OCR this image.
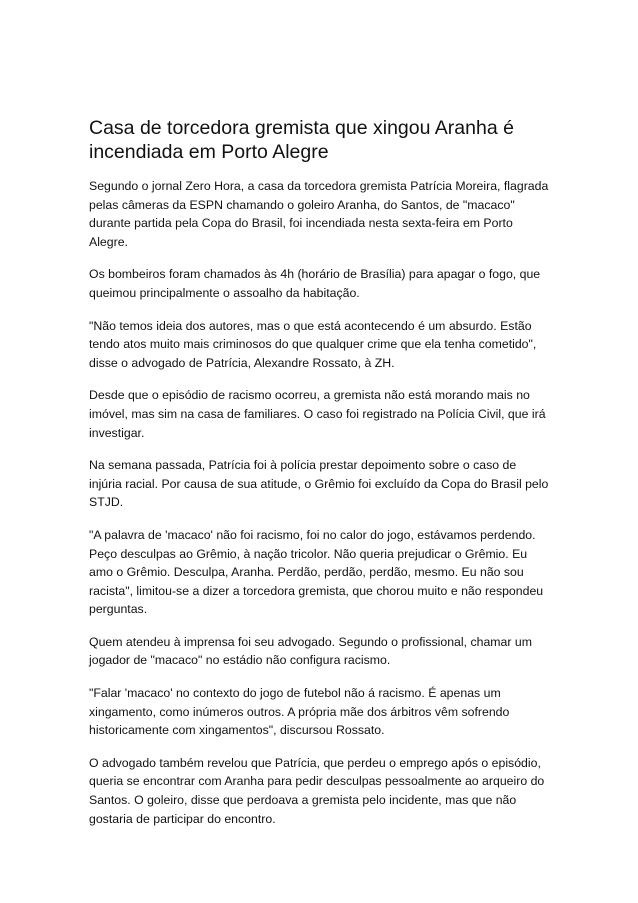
Casa de torcedora gremista que xingou Aranha é incendiada em Porto Alegre

Segundo o jornal Zero Hora, a casa da torcedora gremista Patrícia Moreira, flagrada pelas câmeras da ESPN chamando o goleiro Aranha, do Santos, de "macaco" durante partida pela Copa do Brasil, foi incendiada nesta sexta-feira em Porto Alegre.

Os bombeiros foram chamados às 4h (horário de Brasília) para apagar o fogo, que queimou principalmente o assoalho da habitação.

"Não temos ideia dos autores, mas o que está acontecendo é um absurdo. Estão tendo atos muito mais criminosos do que qualquer crime que ela tenha cometido", disse o advogado de Patrícia, Alexandre Rossato, à ZH.

Desde que o episódio de racismo ocorreu, a gremista não está morando mais no imóvel, mas sim na casa de familiares. O caso foi registrado na Polícia Civil, que irá investigar.

Na semana passada, Patrícia foi à polícia prestar depoimento sobre o caso de injúria racial. Por causa de sua atitude, o Grêmio foi excluído da Copa do Brasil pelo STJD.

"A palavra de 'macaco' não foi racismo, foi no calor do jogo, estávamos perdendo. Peço desculpas ao Grêmio, à nação tricolor. Não queria prejudicar o Grêmio. Eu amo o Grêmio. Desculpa, Aranha. Perdão, perdão, perdão, mesmo. Eu não sou racista", limitou-se a dizer a torcedora gremista, que chorou muito e não respondeu perguntas.

Quem atendeu à imprensa foi seu advogado. Segundo o profissional, chamar um jogador de "macaco" no estádio não configura racismo.

"Falar 'macaco' no contexto do jogo de futebol não á racismo. É apenas um xingamento, como inúmeros outros. A própria mãe dos árbitros vêm sofrendo historicamente com xingamentos", discursou Rossato.

O advogado também revelou que Patrícia, que perdeu o emprego após o episódio, queria se encontrar com Aranha para pedir desculpas pessoalmente ao arqueiro do Santos. O goleiro, disse que perdoava a gremista pelo incidente, mas que não gostaria de participar do encontro.
